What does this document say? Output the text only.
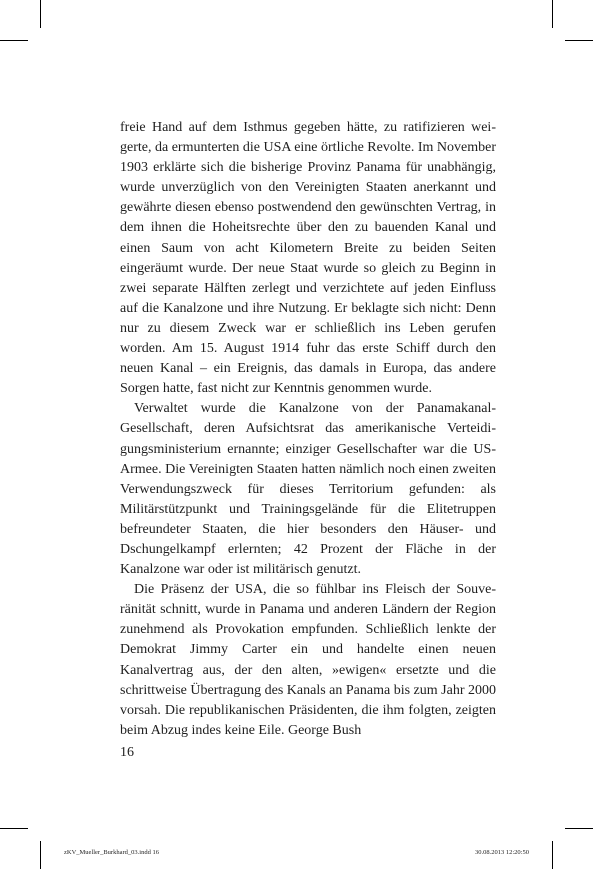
freie Hand auf dem Isthmus gegeben hätte, zu ratifizieren weigerte, da ermunterten die USA eine örtliche Revolte. Im November 1903 erklärte sich die bisherige Provinz Panama für unabhängig, wurde unverzüglich von den Vereinigten Staaten anerkannt und gewährte diesen ebenso postwendend den gewünschten Vertrag, in dem ihnen die Hoheitsrechte über den zu bauenden Kanal und einen Saum von acht Kilometern Breite zu beiden Seiten eingeräumt wurde. Der neue Staat wurde so gleich zu Beginn in zwei separate Hälften zerlegt und verzichtete auf jeden Einfluss auf die Kanalzone und ihre Nutzung. Er beklagte sich nicht: Denn nur zu diesem Zweck war er schließlich ins Leben gerufen worden. Am 15. August 1914 fuhr das erste Schiff durch den neuen Kanal – ein Ereignis, das damals in Europa, das andere Sorgen hatte, fast nicht zur Kenntnis genommen wurde.

Verwaltet wurde die Kanalzone von der Panamakanal-Gesellschaft, deren Aufsichtsrat das amerikanische Verteidigungsministerium ernannte; einziger Gesellschafter war die US-Armee. Die Vereinigten Staaten hatten nämlich noch einen zweiten Verwendungszweck für dieses Territorium gefunden: als Militärstützpunkt und Trainingsgelände für die Elitetruppen befreundeter Staaten, die hier besonders den Häuser- und Dschungelkampf erlernten; 42 Prozent der Fläche in der Kanalzone war oder ist militärisch genutzt.

Die Präsenz der USA, die so fühlbar ins Fleisch der Souveränität schnitt, wurde in Panama und anderen Ländern der Region zunehmend als Provokation empfunden. Schließlich lenkte der Demokrat Jimmy Carter ein und handelte einen neuen Kanalvertrag aus, der den alten, »ewigen« ersetzte und die schrittweise Übertragung des Kanals an Panama bis zum Jahr 2000 vorsah. Die republikanischen Präsidenten, die ihm folgten, zeigten beim Abzug indes keine Eile. George Bush

16
zKV_Mueller_Burkhard_03.indd 16	30.08.2013 12:20:50
